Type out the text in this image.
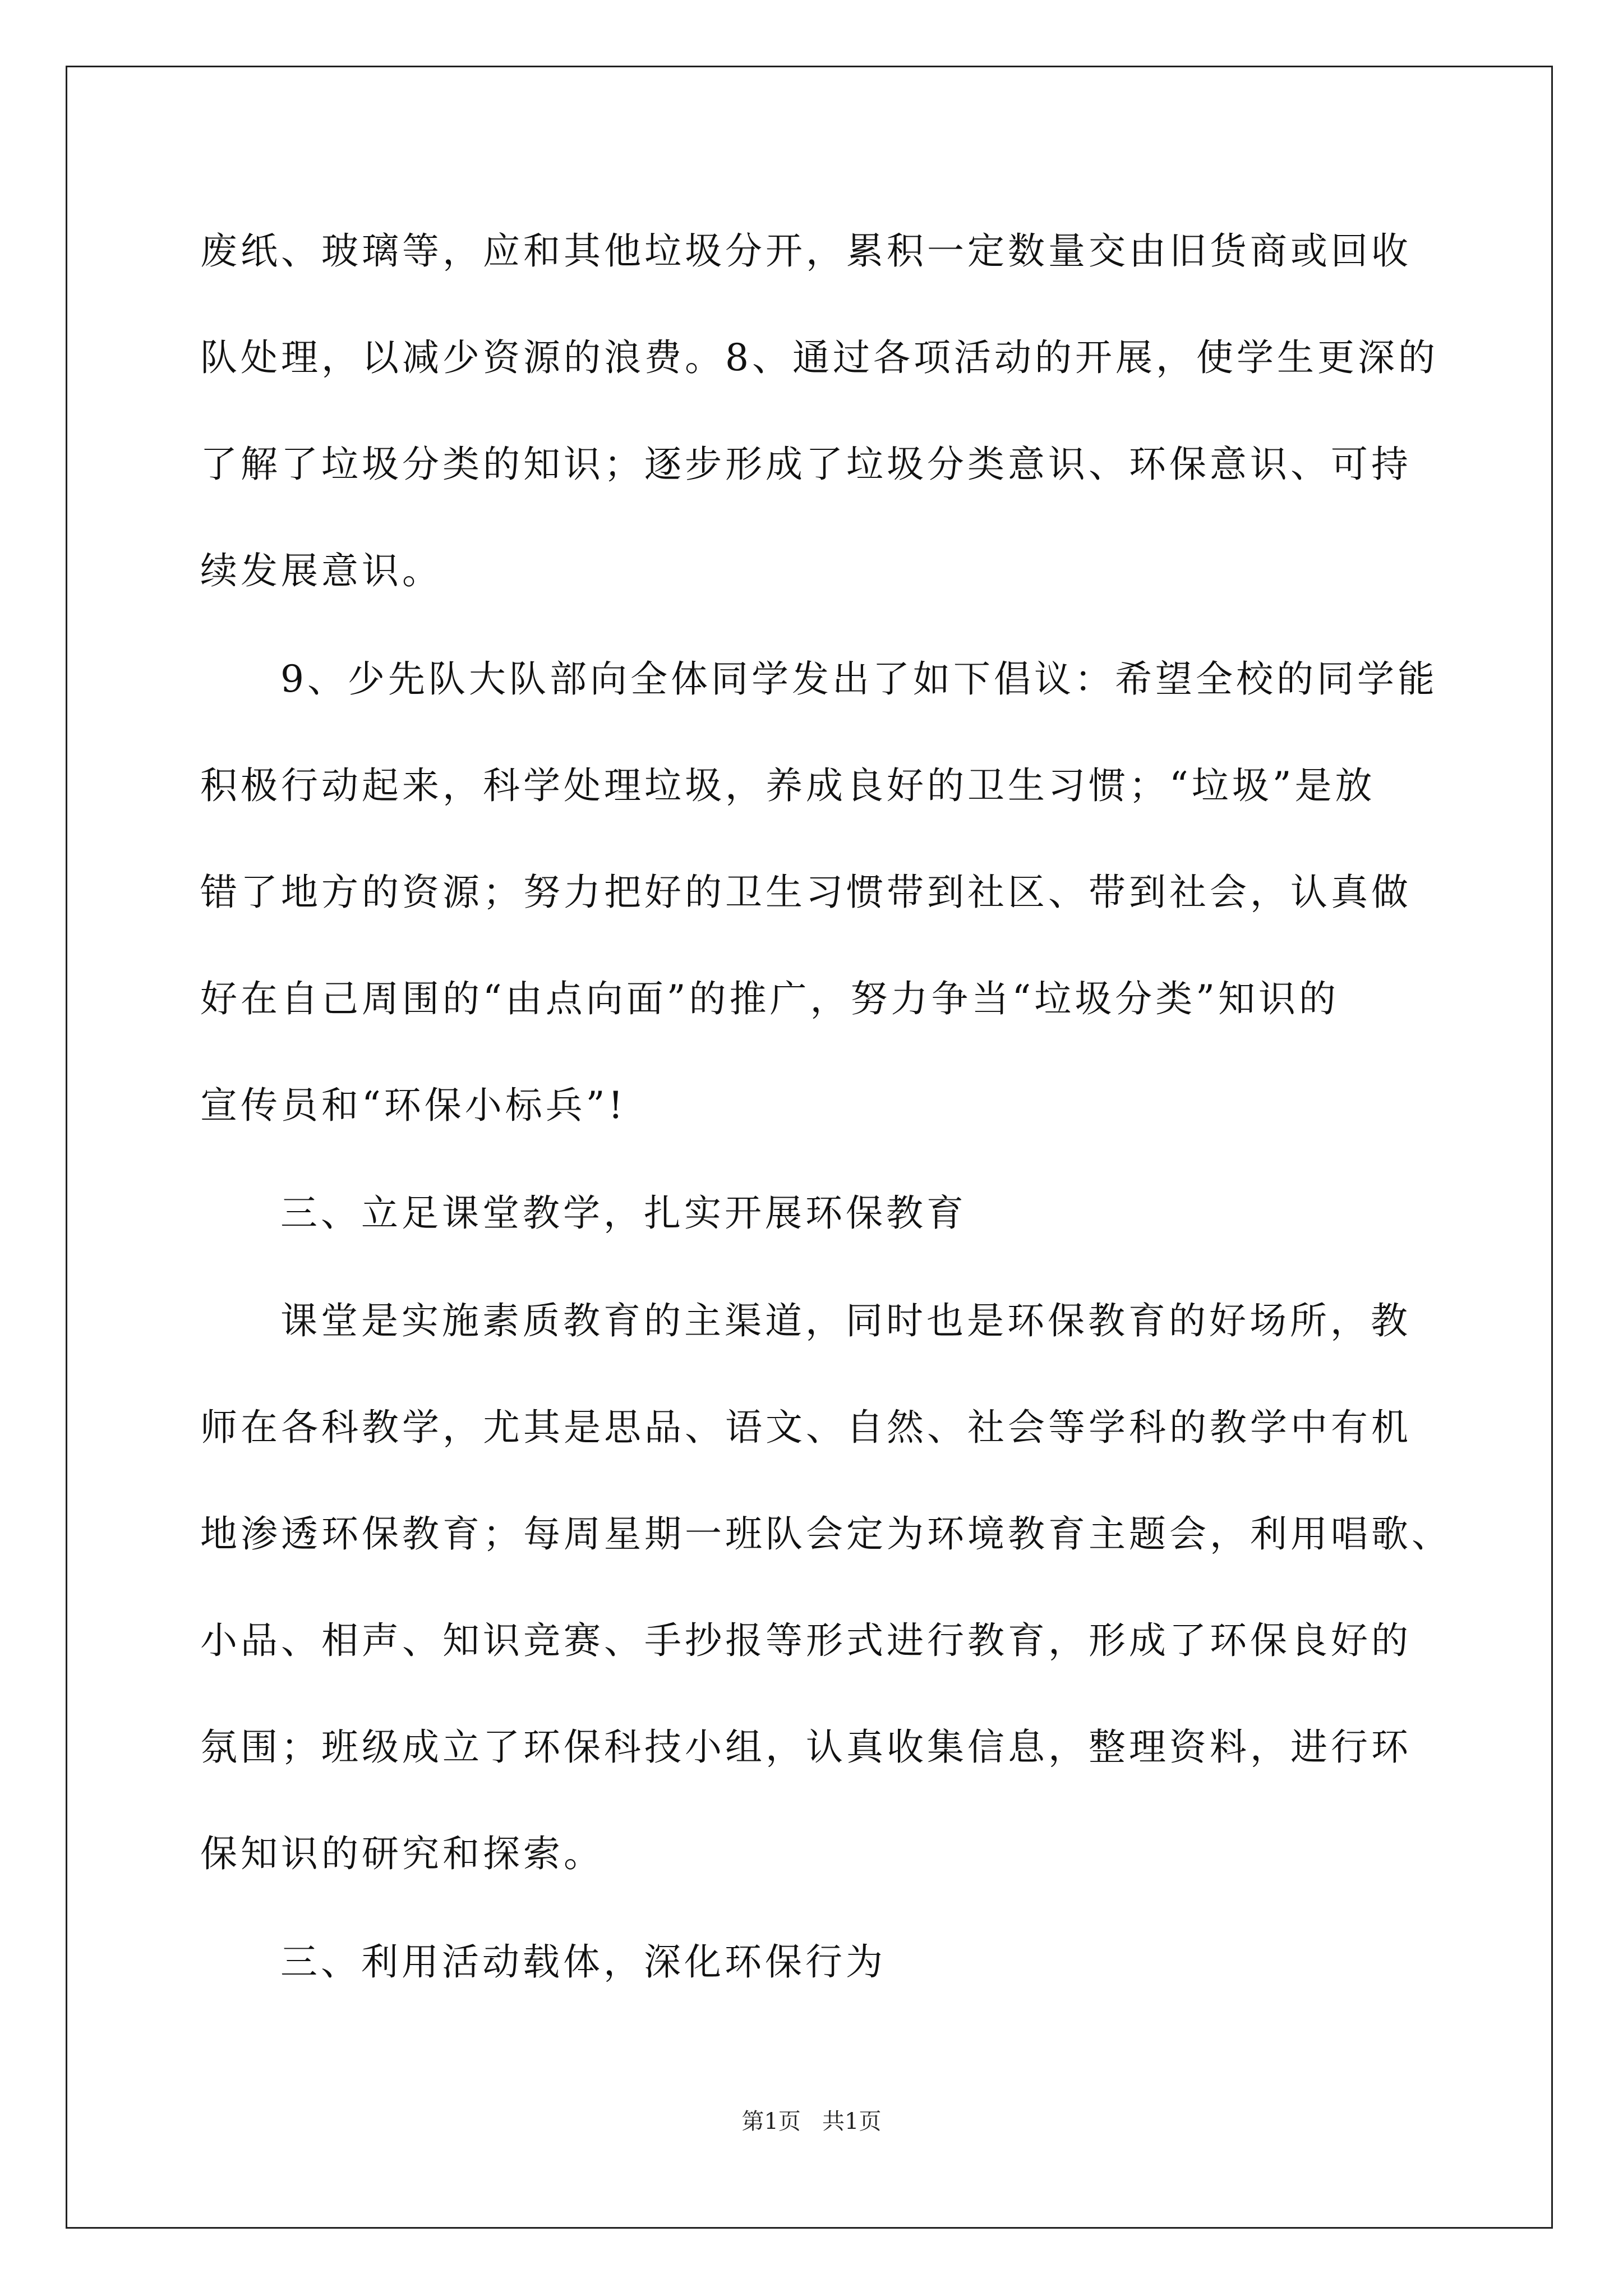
废纸、玻璃等，应和其他垃圾分开，累积一定数量交由旧货商或回收
队处理，以减少资源的浪费。8、通过各项活动的开展，使学生更深的
了解了垃圾分类的知识；逐步形成了垃圾分类意识、环保意识、可持
续发展意识。
9、少先队大队部向全体同学发出了如下倡议：希望全校的同学能
积极行动起来，科学处理垃圾，养成良好的卫生习惯；“垃圾”是放
错了地方的资源；努力把好的卫生习惯带到社区、带到社会，认真做
好在自己周围的“由点向面”的推广，努力争当“垃圾分类”知识的
宣传员和“环保小标兵”!
三、立足课堂教学，扎实开展环保教育
课堂是实施素质教育的主渠道，同时也是环保教育的好场所，教
师在各科教学，尤其是思品、语文、自然、社会等学科的教学中有机
地渗透环保教育；每周星期一班队会定为环境教育主题会，利用唱歌、
小品、相声、知识竞赛、手抄报等形式进行教育，形成了环保良好的
氛围；班级成立了环保科技小组，认真收集信息，整理资料，进行环
保知识的研究和探索。
三、利用活动载体，深化环保行为
第1页   共1页
